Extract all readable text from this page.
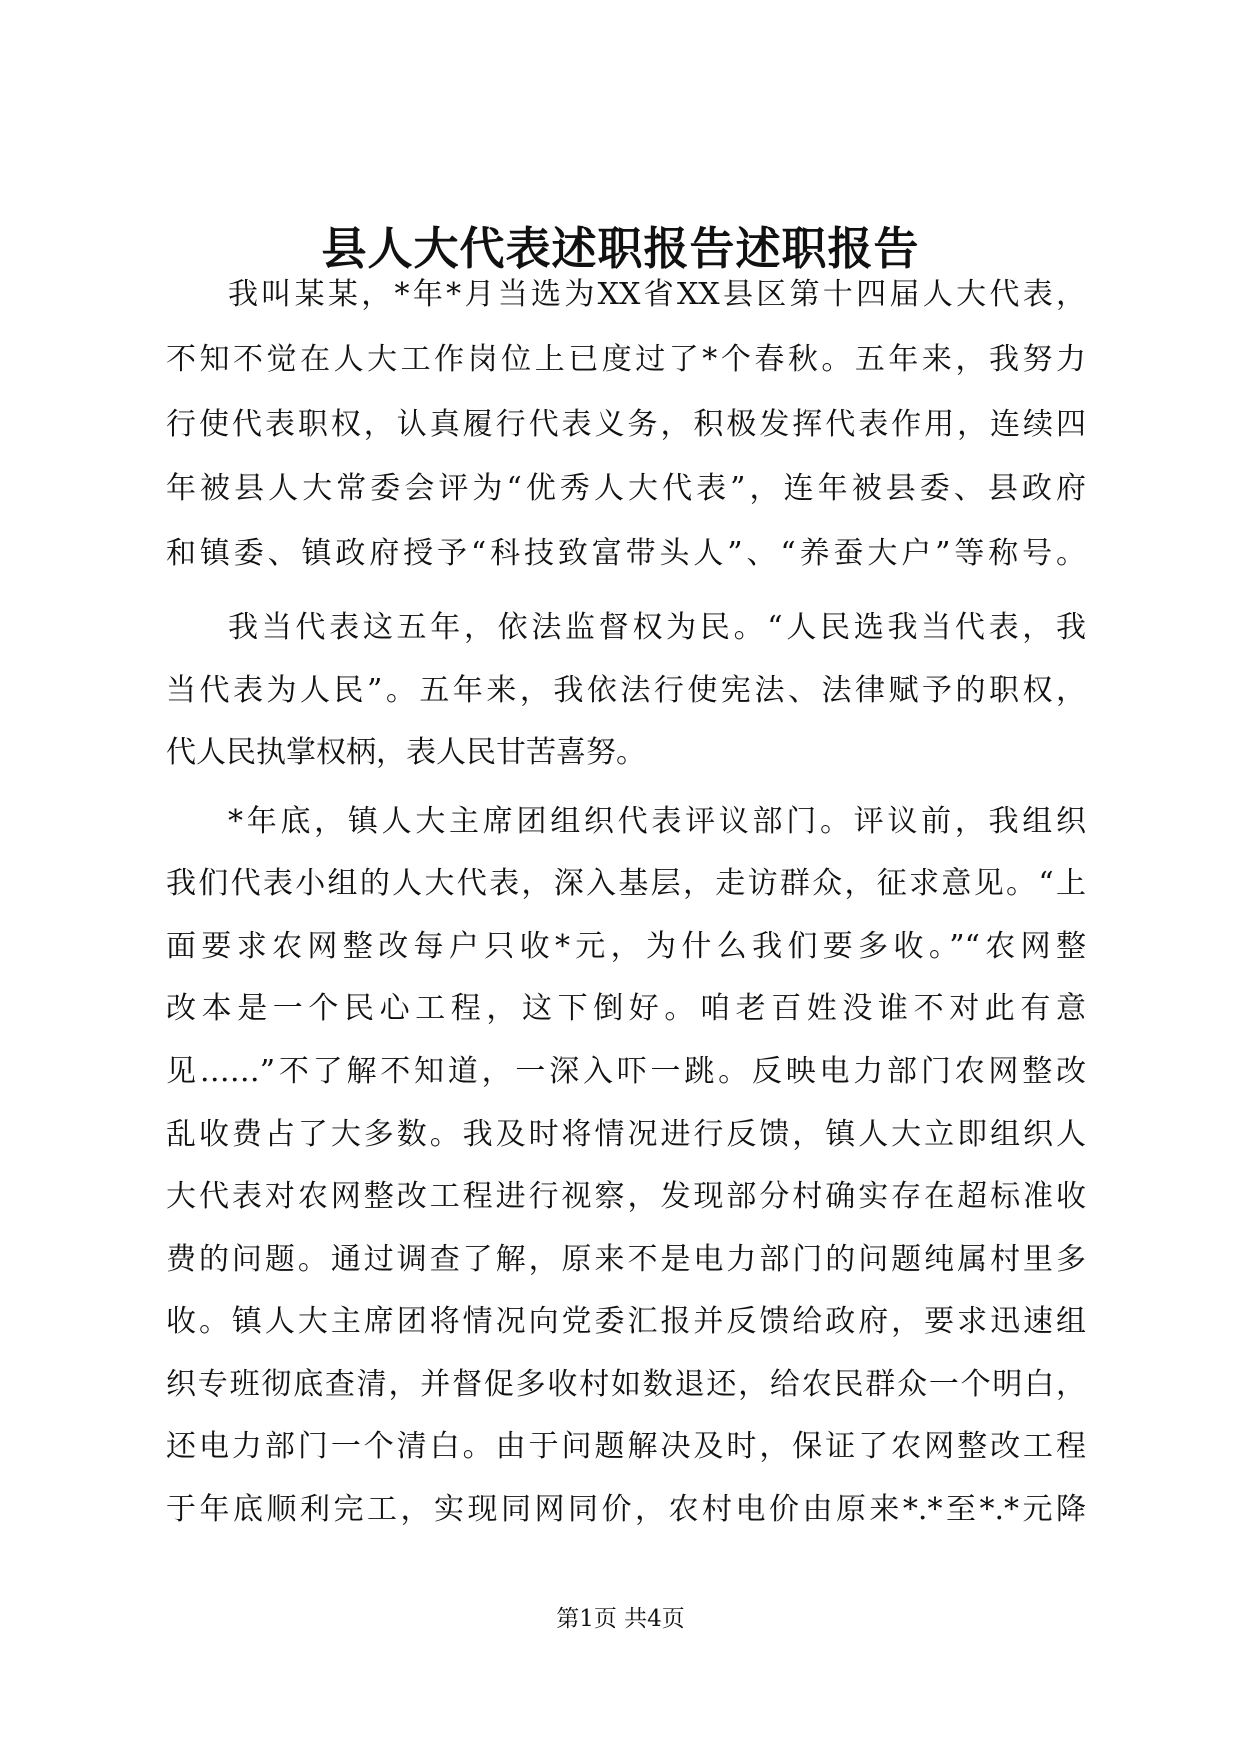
县人大代表述职报告述职报告
我叫某某，*年*月当选为XX省XX县区第十四届人大代表，
不知不觉在人大工作岗位上已度过了*个春秋。五年来，我努力
行使代表职权，认真履行代表义务，积极发挥代表作用，连续四
年被县人大常委会评为“优秀人大代表”，连年被县委、县政府
和镇委、镇政府授予“科技致富带头人”、“养蚕大户”等称号。
我当代表这五年，依法监督权为民。“人民选我当代表，我
当代表为人民”。五年来，我依法行使宪法、法律赋予的职权，
代人民执掌权柄，表人民甘苦喜努。
*年底，镇人大主席团组织代表评议部门。评议前，我组织
我们代表小组的人大代表，深入基层，走访群众，征求意见。“上
面要求农网整改每户只收*元，为什么我们要多收。”“农网整
改本是一个民心工程，这下倒好。咱老百姓没谁不对此有意
见……”不了解不知道，一深入吓一跳。反映电力部门农网整改
乱收费占了大多数。我及时将情况进行反馈，镇人大立即组织人
大代表对农网整改工程进行视察，发现部分村确实存在超标准收
费的问题。通过调查了解，原来不是电力部门的问题纯属村里多
收。镇人大主席团将情况向党委汇报并反馈给政府，要求迅速组
织专班彻底查清，并督促多收村如数退还，给农民群众一个明白，
还电力部门一个清白。由于问题解决及时，保证了农网整改工程
于年底顺利完工，实现同网同价，农村电价由原来*.*至*.*元降
第1页 共4页
